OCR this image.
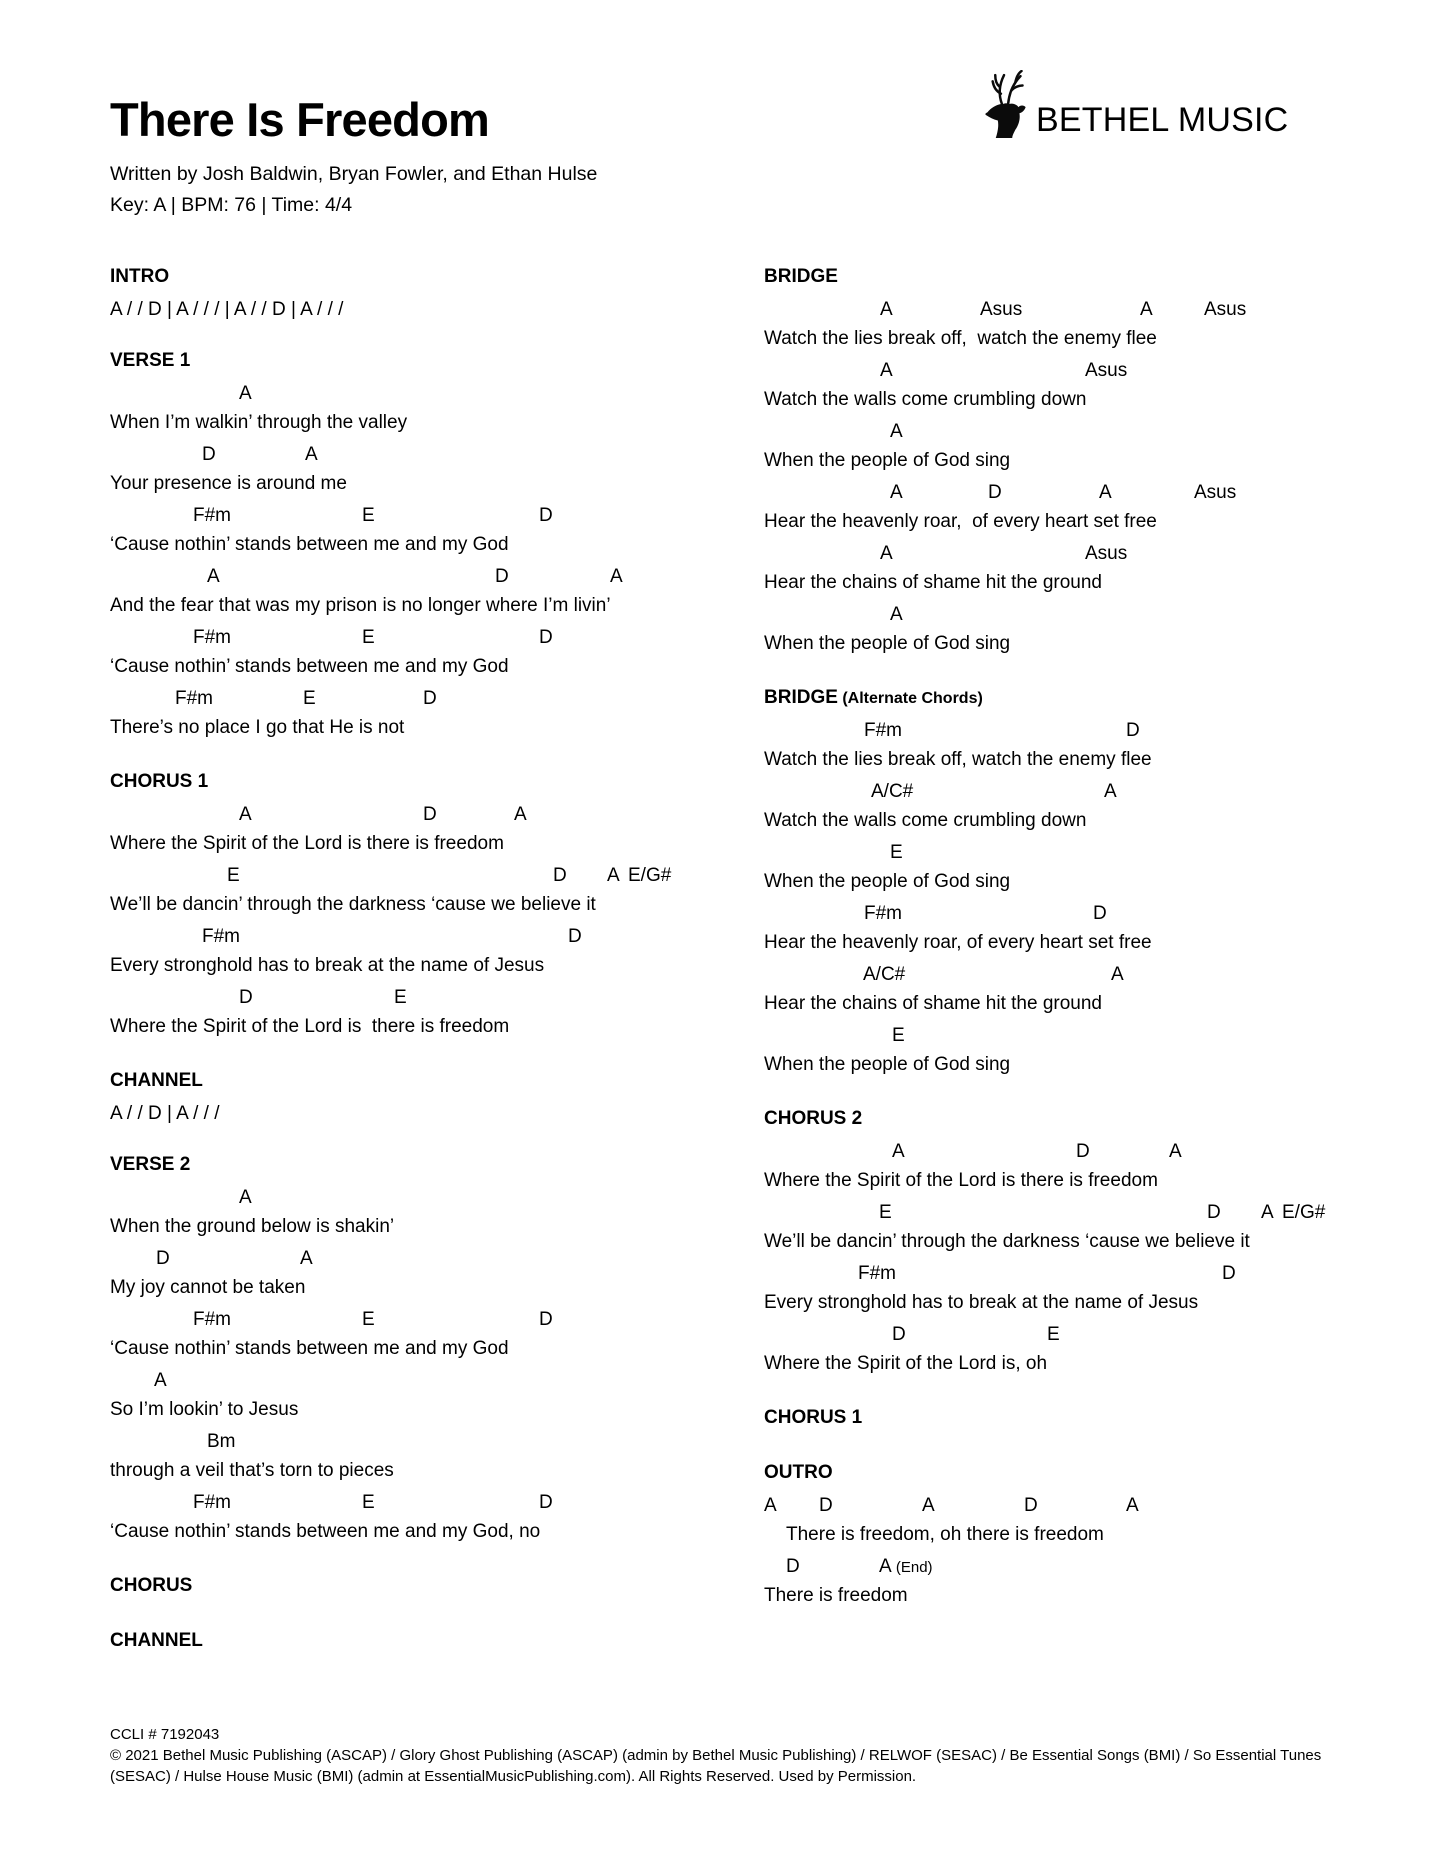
There Is Freedom
Written by Josh Baldwin, Bryan Fowler, and Ethan Hulse
Key: A | BPM: 76 | Time: 4/4
BETHEL MUSIC
INTRO
A / / D | A / / / | A / / D | A / / /
VERSE 1
A
When I’m walkin’ through the valley
D	A
Your presence is around me
F#m	E	D
‘Cause nothin’ stands between me and my God
A	D	A
And the fear that was my prison is no longer where I’m livin’
F#m	E	D
‘Cause nothin’ stands between me and my God
F#m	E	D
There’s no place I go that He is not
CHORUS 1
A	D	A
Where the Spirit of the Lord is there is freedom
E	D A E/G#
We’ll be dancin’ through the darkness ‘cause we believe it
F#m	D
Every stronghold has to break at the name of Jesus
D	E
Where the Spirit of the Lord is  there is freedom
CHANNEL
A / / D | A / / /
VERSE 2
A
When the ground below is shakin’
D	A
My joy cannot be taken
F#m	E	D
‘Cause nothin’ stands between me and my God
A
So I’m lookin’ to Jesus
Bm
through a veil that’s torn to pieces
F#m	E	D
‘Cause nothin’ stands between me and my God, no
CHORUS
CHANNEL
BRIDGE
A	Asus	A	Asus
Watch the lies break off,  watch the enemy flee
A	Asus
Watch the walls come crumbling down
A
When the people of God sing
A	D	A	Asus
Hear the heavenly roar,  of every heart set free
A	Asus
Hear the chains of shame hit the ground
A
When the people of God sing
BRIDGE (Alternate Chords)
F#m	D
Watch the lies break off, watch the enemy flee
A/C#	A
Watch the walls come crumbling down
E
When the people of God sing
F#m	D
Hear the heavenly roar, of every heart set free
A/C#	A
Hear the chains of shame hit the ground
E
When the people of God sing
CHORUS 2
A	D	A
Where the Spirit of the Lord is there is freedom
E	D A E/G#
We’ll be dancin’ through the darkness ‘cause we believe it
F#m	D
Every stronghold has to break at the name of Jesus
D	E
Where the Spirit of the Lord is, oh
CHORUS 1
OUTRO
A D	A	D	A
There is freedom, oh there is freedom
D	A (End)
There is freedom
CCLI # 7192043
© 2021 Bethel Music Publishing (ASCAP) / Glory Ghost Publishing (ASCAP) (admin by Bethel Music Publishing) / RELWOF (SESAC) / Be Essential Songs (BMI) / So Essential Tunes (SESAC) / Hulse House Music (BMI) (admin at EssentialMusicPublishing.com). All Rights Reserved. Used by Permission.
